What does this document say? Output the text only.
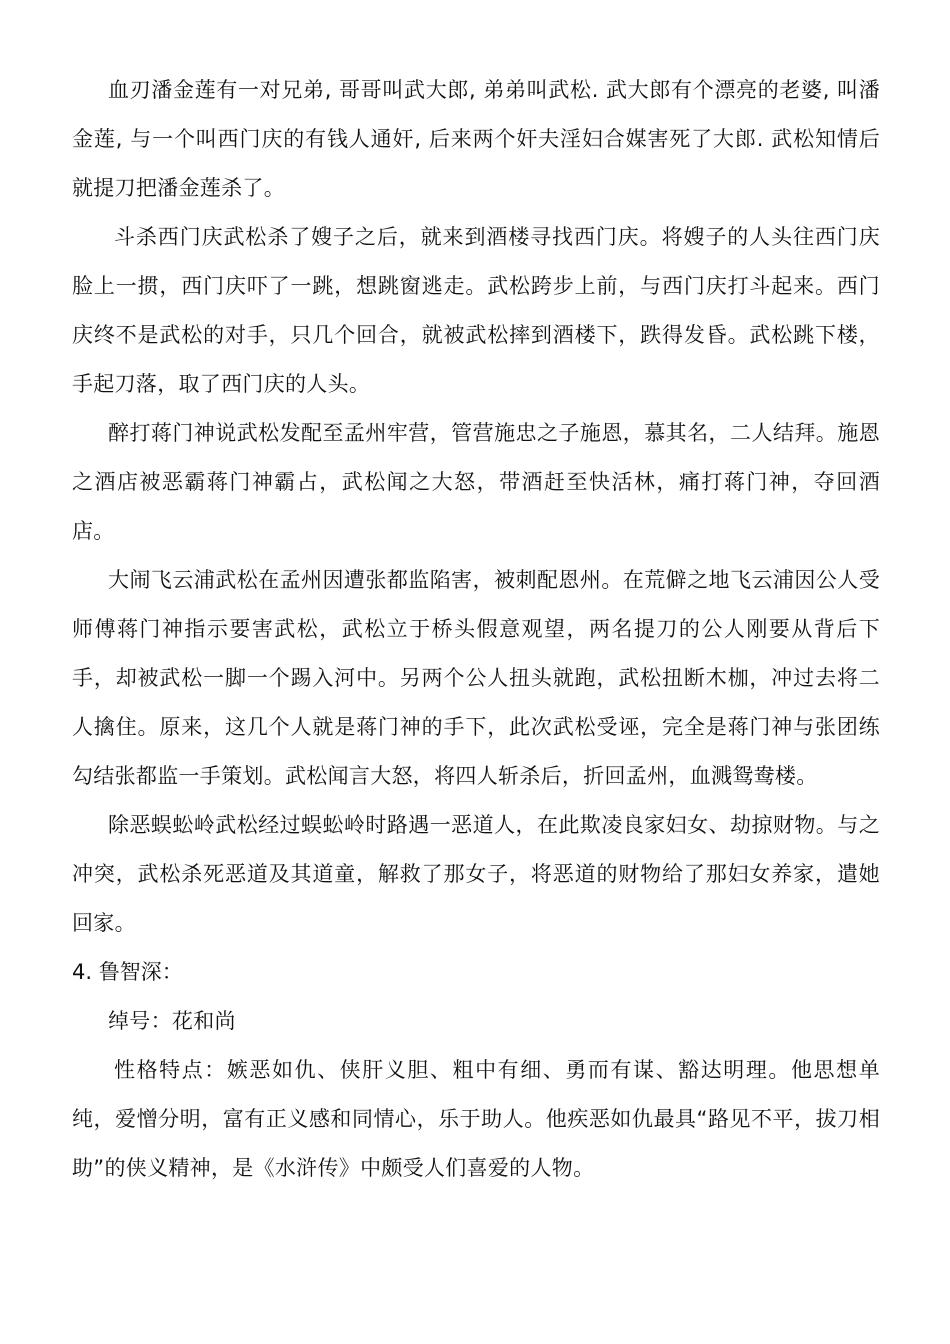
血刃潘金莲有一对兄弟, 哥哥叫武大郎, 弟弟叫武松. 武大郎有个漂亮的老婆, 叫潘金莲, 与一个叫西门庆的有钱人通奸, 后来两个奸夫淫妇合媒害死了大郎. 武松知情后就提刀把潘金莲杀了。

斗杀西门庆武松杀了嫂子之后，就来到酒楼寻找西门庆。将嫂子的人头往西门庆脸上一掼，西门庆吓了一跳，想跳窗逃走。武松跨步上前，与西门庆打斗起来。西门庆终不是武松的对手，只几个回合，就被武松摔到酒楼下，跌得发昏。武松跳下楼，手起刀落，取了西门庆的人头。

醉打蒋门神说武松发配至孟州牢营，管营施忠之子施恩，慕其名，二人结拜。施恩之酒店被恶霸蒋门神霸占，武松闻之大怒，带酒赶至快活林，痛打蒋门神，夺回酒店。

大闹飞云浦武松在孟州因遭张都监陷害，被刺配恩州。在荒僻之地飞云浦因公人受师傅蒋门神指示要害武松，武松立于桥头假意观望，两名提刀的公人刚要从背后下手，却被武松一脚一个踢入河中。另两个公人扭头就跑，武松扭断木枷，冲过去将二人擒住。原来，这几个人就是蒋门神的手下，此次武松受诬，完全是蒋门神与张团练勾结张都监一手策划。武松闻言大怒，将四人斩杀后，折回孟州，血溅鸳鸯楼。

除恶蜈蚣岭武松经过蜈蚣岭时路遇一恶道人，在此欺凌良家妇女、劫掠财物。与之冲突，武松杀死恶道及其道童，解救了那女子，将恶道的财物给了那妇女养家，遣她回家。

4. 鲁智深：

绰号：花和尚

性格特点：嫉恶如仇、侠肝义胆、粗中有细、勇而有谋、豁达明理。他思想单纯，爱憎分明，富有正义感和同情心，乐于助人。他疾恶如仇最具“路见不平，拔刀相助”的侠义精神，是《水浒传》中颇受人们喜爱的人物。
